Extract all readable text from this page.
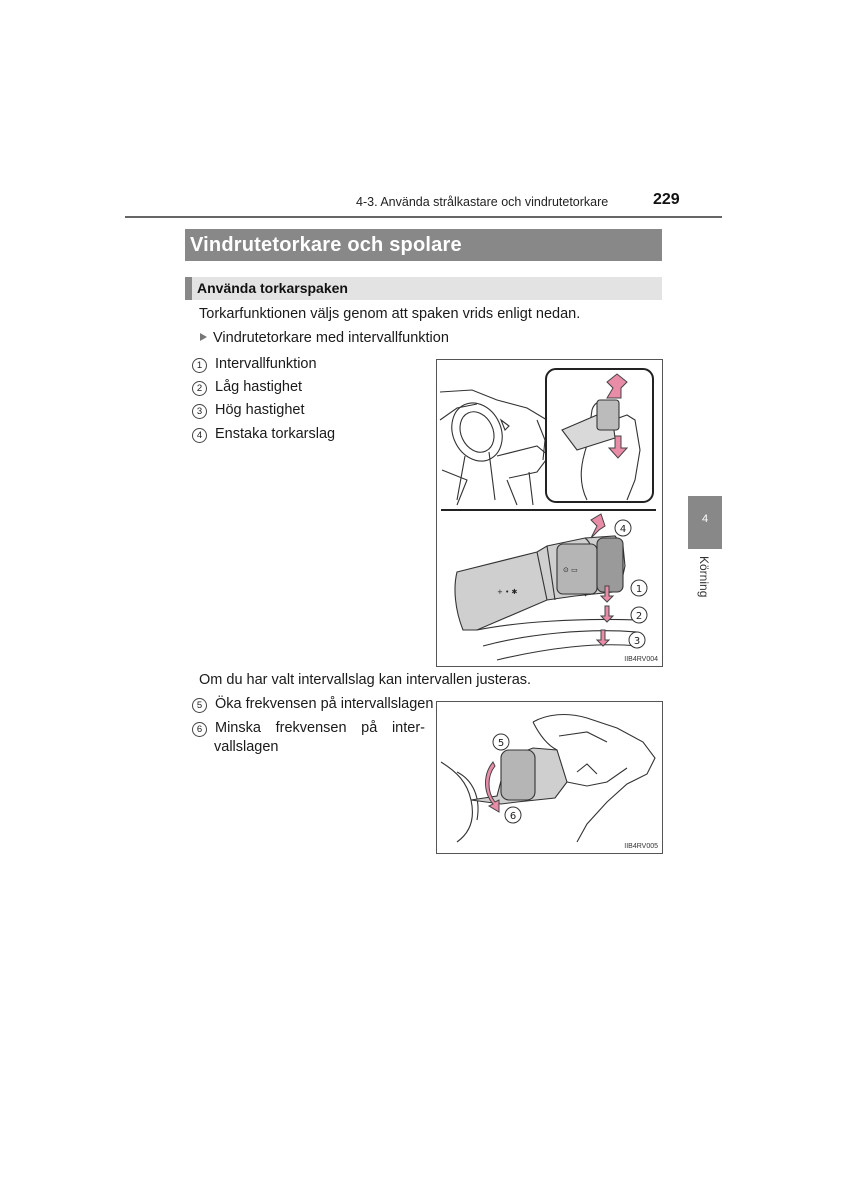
4-3. Använda strålkastare och vindrutetorkare	229
Vindrutetorkare och spolare
Använda torkarspaken
Torkarfunktionen väljs genom att spaken vrids enligt nedan.
Vindrutetorkare med intervallfunktion
1 Intervallfunktion
2 Låg hastighet
3 Hög hastighet
4 Enstaka torkarslag
+ • ✱
⊙ ▭
4
1
2
3
IIB4RV004
Om du har valt intervallslag kan intervallen justeras.
5 Öka frekvensen på intervallslagen
6 Minska frekvensen på inter-
vallslagen	5
6
IIB4RV005
4
Körning
